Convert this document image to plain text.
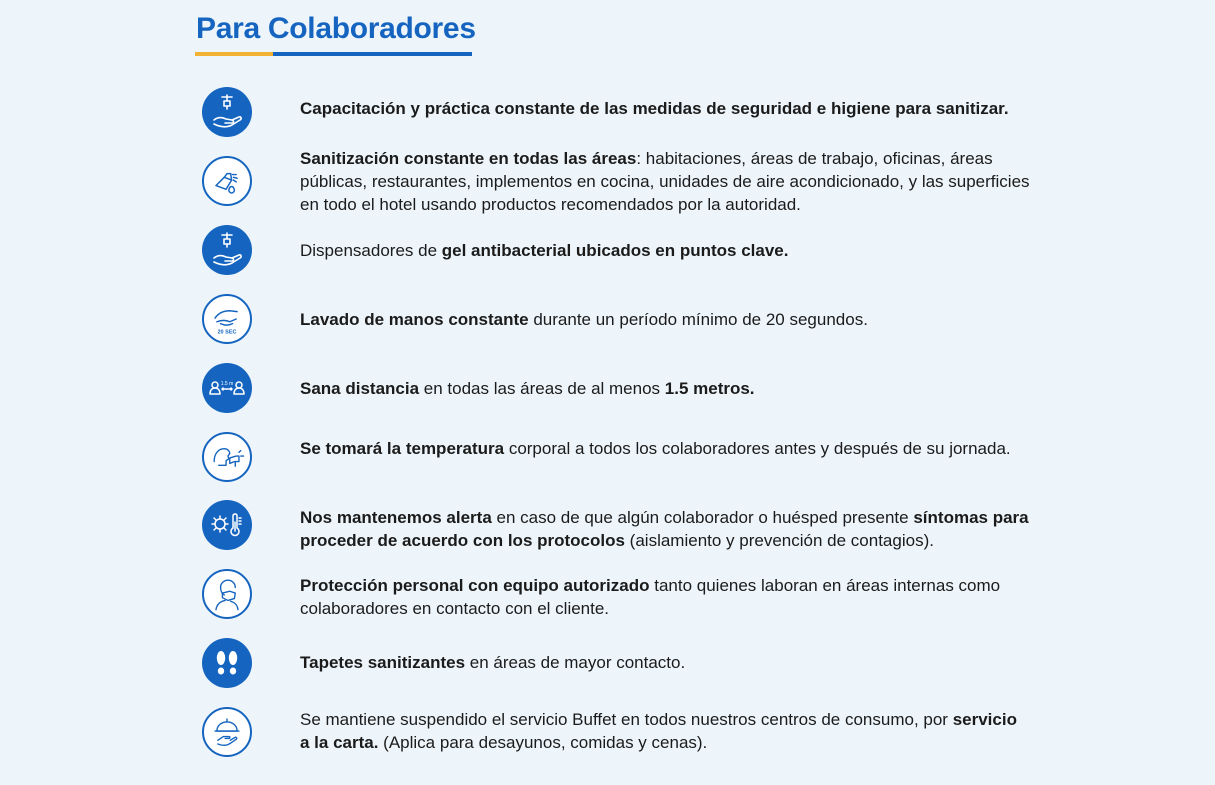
Para Colaboradores
Capacitación y práctica constante de las medidas de seguridad e higiene para sanitizar.
Sanitización constante en todas las áreas: habitaciones, áreas de trabajo, oficinas, áreas públicas, restaurantes, implementos en cocina, unidades de aire acondicionado, y las superficies en todo el hotel usando productos recomendados por la autoridad.
Dispensadores de gel antibacterial ubicados en puntos clave.
20 SEC
Lavado de manos constante durante un período mínimo de 20 segundos.
1.5 m	Sana distancia en todas las áreas de al menos 1.5 metros.
Se tomará la temperatura corporal a todos los colaboradores antes y después de su jornada.
Nos mantenemos alerta en caso de que algún colaborador o huésped presente síntomas para proceder de acuerdo con los protocolos (aislamiento y prevención de contagios).
Protección personal con equipo autorizado tanto quienes laboran en áreas internas como colaboradores en contacto con el cliente.
Tapetes sanitizantes en áreas de mayor contacto.
Se mantiene suspendido el servicio Buffet en todos nuestros centros de consumo, por servicio a la carta. (Aplica para desayunos, comidas y cenas).
